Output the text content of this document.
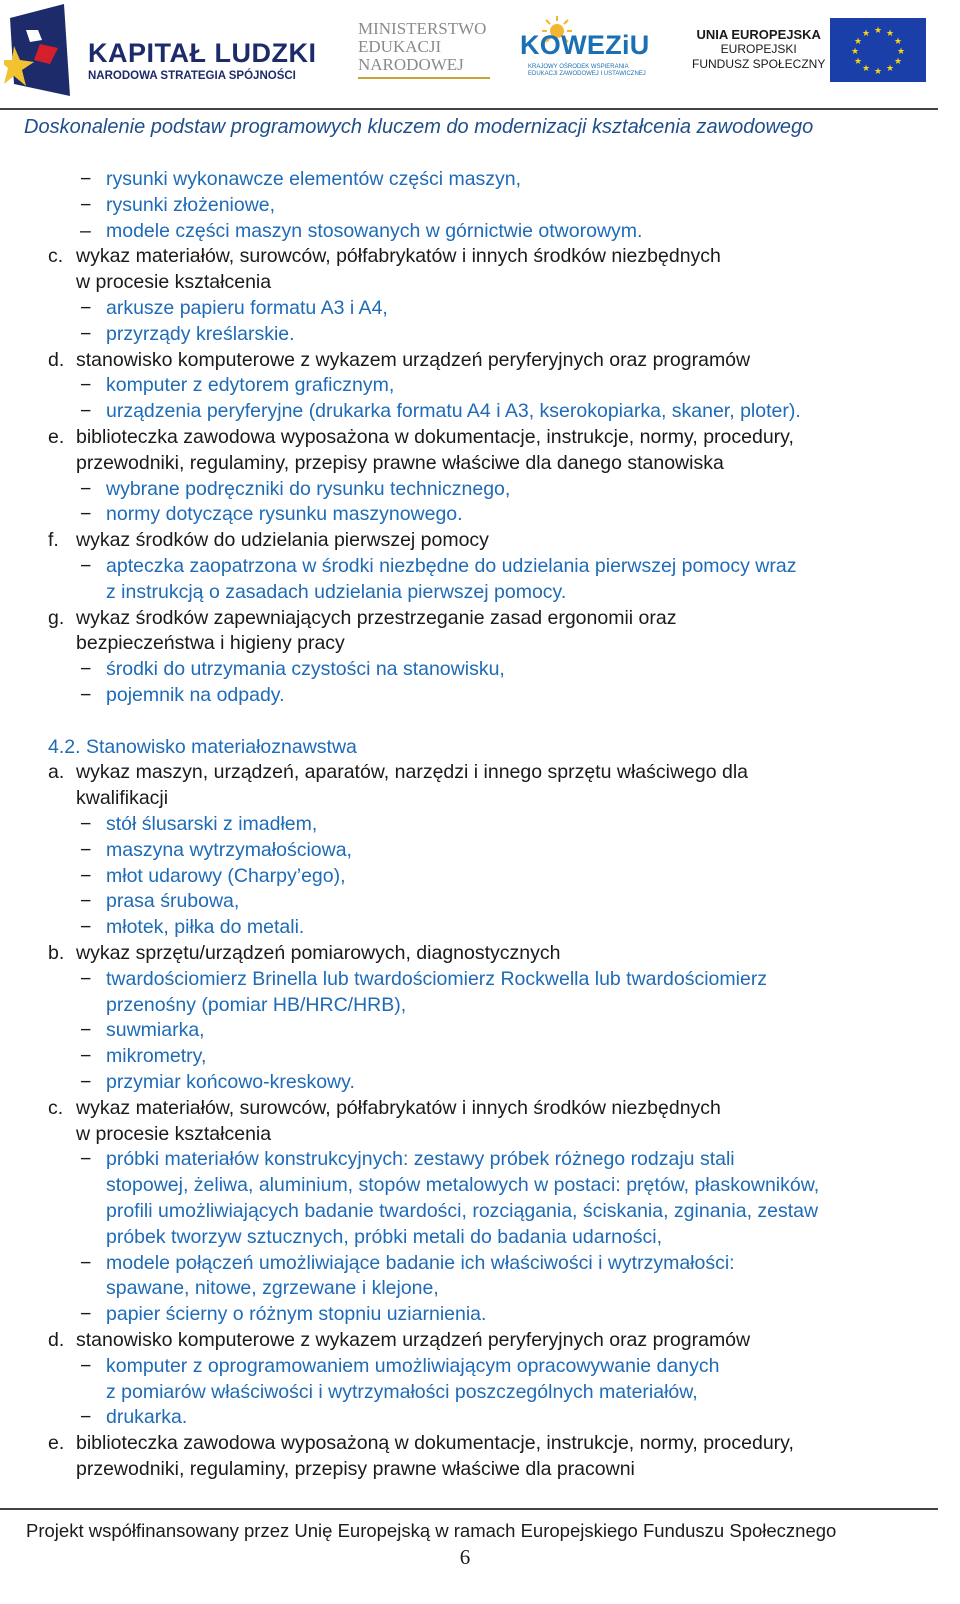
KAPITAŁ LUDZKI
NARODOWA STRATEGIA SPÓJNOŚCI
MINISTERSTWO
EDUKACJI
NARODOWEJ
KOWEZiU
KRAJOWY OŚRODEK WSPIERANIA
EDUKACJI ZAWODOWEJ I USTAWICZNEJ
UNIA EUROPEJSKA
EUROPEJSKI
FUNDUSZ SPOŁECZNY
★ ★
★
★
★
★
★
★
★
★
★
★
Doskonalenie podstaw programowych kluczem do modernizacji kształcenia zawodowego
− rysunki wykonawcze elementów części maszyn,
− rysunki złożeniowe,
– modele części maszyn stosowanych w górnictwie otworowym.
c. wykaz materiałów, surowców, półfabrykatów i innych środków niezbędnych
w procesie kształcenia
− arkusze papieru formatu A3 i A4,
− przyrządy kreślarskie.
d. stanowisko komputerowe z wykazem urządzeń peryferyjnych oraz programów
− komputer z edytorem graficznym,
− urządzenia peryferyjne (drukarka formatu A4 i A3, kserokopiarka, skaner, ploter).
e. biblioteczka zawodowa wyposażona w dokumentacje, instrukcje, normy, procedury,
przewodniki, regulaminy, przepisy prawne właściwe dla danego stanowiska
− wybrane podręczniki do rysunku technicznego,
− normy dotyczące rysunku maszynowego.
f. wykaz środków do udzielania pierwszej pomocy
− apteczka zaopatrzona w środki niezbędne do udzielania pierwszej pomocy wraz
z instrukcją o zasadach udzielania pierwszej pomocy.
g. wykaz środków zapewniających przestrzeganie zasad ergonomii oraz
bezpieczeństwa i higieny pracy
− środki do utrzymania czystości na stanowisku,
− pojemnik na odpady.
4.2. Stanowisko materiałoznawstwa
a. wykaz maszyn, urządzeń, aparatów, narzędzi i innego sprzętu właściwego dla
kwalifikacji
− stół ślusarski z imadłem,
− maszyna wytrzymałościowa,
− młot udarowy (Charpy’ego),
− prasa śrubowa,
− młotek, piłka do metali.
b. wykaz sprzętu/urządzeń pomiarowych, diagnostycznych
− twardościomierz Brinella lub twardościomierz Rockwella lub twardościomierz
przenośny (pomiar HB/HRC/HRB),
− suwmiarka,
− mikrometry,
− przymiar końcowo-kreskowy.
c. wykaz materiałów, surowców, półfabrykatów i innych środków niezbędnych
w procesie kształcenia
− próbki materiałów konstrukcyjnych: zestawy próbek różnego rodzaju stali
stopowej, żeliwa, aluminium, stopów metalowych w postaci: prętów, płaskowników,
profili umożliwiających badanie twardości, rozciągania, ściskania, zginania, zestaw
próbek tworzyw sztucznych, próbki metali do badania udarności,
− modele połączeń umożliwiające badanie ich właściwości i wytrzymałości:
spawane, nitowe, zgrzewane i klejone,
− papier ścierny o różnym stopniu uziarnienia.
d. stanowisko komputerowe z wykazem urządzeń peryferyjnych oraz programów
− komputer z oprogramowaniem umożliwiającym opracowywanie danych
z pomiarów właściwości i wytrzymałości poszczególnych materiałów,
− drukarka.
e. biblioteczka zawodowa wyposażoną w dokumentacje, instrukcje, normy, procedury,
przewodniki, regulaminy, przepisy prawne właściwe dla pracowni
Projekt współfinansowany przez Unię Europejską w ramach Europejskiego Funduszu Społecznego
6
